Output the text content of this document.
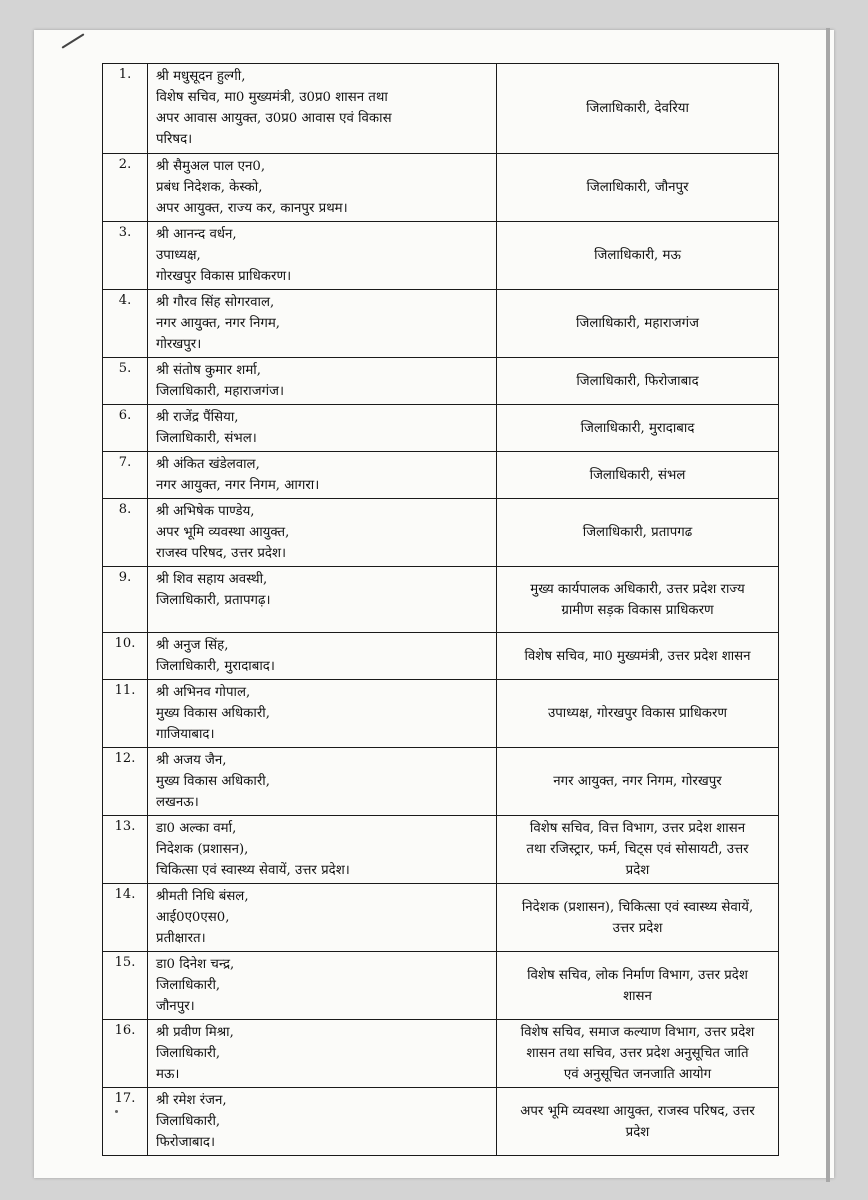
1.	श्री मधुसूदन हुल्गी,
विशेष सचिव, मा0 मुख्यमंत्री, उ0प्र0 शासन तथा
अपर आवास आयुक्त, उ0प्र0 आवास एवं विकास
परिषद।	जिलाधिकारी, देवरिया

2.	श्री सैमुअल पाल एन0,
प्रबंध निदेशक, केस्को,
अपर आयुक्त, राज्य कर, कानपुर प्रथम।	जिलाधिकारी, जौनपुर

3.	श्री आनन्द वर्धन,
उपाध्यक्ष,
गोरखपुर विकास प्राधिकरण।	जिलाधिकारी, मऊ

4.	श्री गौरव सिंह सोगरवाल,
नगर आयुक्त, नगर निगम,
गोरखपुर।	जिलाधिकारी, महाराजगंज

5.	श्री संतोष कुमार शर्मा,
जिलाधिकारी, महाराजगंज।	जिलाधिकारी, फिरोजाबाद

6.	श्री राजेंद्र पैंसिया,
जिलाधिकारी, संभल।	जिलाधिकारी, मुरादाबाद

7.	श्री अंकित खंडेलवाल,
नगर आयुक्त, नगर निगम, आगरा।	जिलाधिकारी, संभल

8.	श्री अभिषेक पाण्डेय,
अपर भूमि व्यवस्था आयुक्त,
राजस्व परिषद, उत्तर प्रदेश।	जिलाधिकारी, प्रतापगढ

9.	श्री शिव सहाय अवस्थी,
जिलाधिकारी, प्रतापगढ़।	मुख्य कार्यपालक अधिकारी, उत्तर प्रदेश राज्य
ग्रामीण सड़क विकास प्राधिकरण

10.	श्री अनुज सिंह,
जिलाधिकारी, मुरादाबाद।	विशेष सचिव, मा0 मुख्यमंत्री, उत्तर प्रदेश शासन

11.	श्री अभिनव गोपाल,
मुख्य विकास अधिकारी,
गाजियाबाद।	उपाध्यक्ष, गोरखपुर विकास प्राधिकरण

12.	श्री अजय जैन,
मुख्य विकास अधिकारी,
लखनऊ।	नगर आयुक्त, नगर निगम, गोरखपुर

13.	डा0 अल्का वर्मा,
निदेशक (प्रशासन),
चिकित्सा एवं स्वास्थ्य सेवायें, उत्तर प्रदेश।	विशेष सचिव, वित्त विभाग, उत्तर प्रदेश शासन
तथा रजिस्ट्रार, फर्म, चिट्स एवं सोसायटी, उत्तर
प्रदेश

14.	श्रीमती निधि बंसल,
आई0ए0एस0,
प्रतीक्षारत।	निदेशक (प्रशासन), चिकित्सा एवं स्वास्थ्य सेवायें,
उत्तर प्रदेश

15.	डा0 दिनेश चन्द्र,
जिलाधिकारी,
जौनपुर।	विशेष सचिव, लोक निर्माण विभाग, उत्तर प्रदेश
शासन

16.	श्री प्रवीण मिश्रा,
जिलाधिकारी,
मऊ।	विशेष सचिव, समाज कल्याण विभाग, उत्तर प्रदेश
शासन तथा सचिव, उत्तर प्रदेश अनुसूचित जाति
एवं अनुसूचित जनजाति आयोग

17.	श्री रमेश रंजन,
जिलाधिकारी,
फिरोजाबाद।	अपर भूमि व्यवस्था आयुक्त, राजस्व परिषद, उत्तर
प्रदेश
